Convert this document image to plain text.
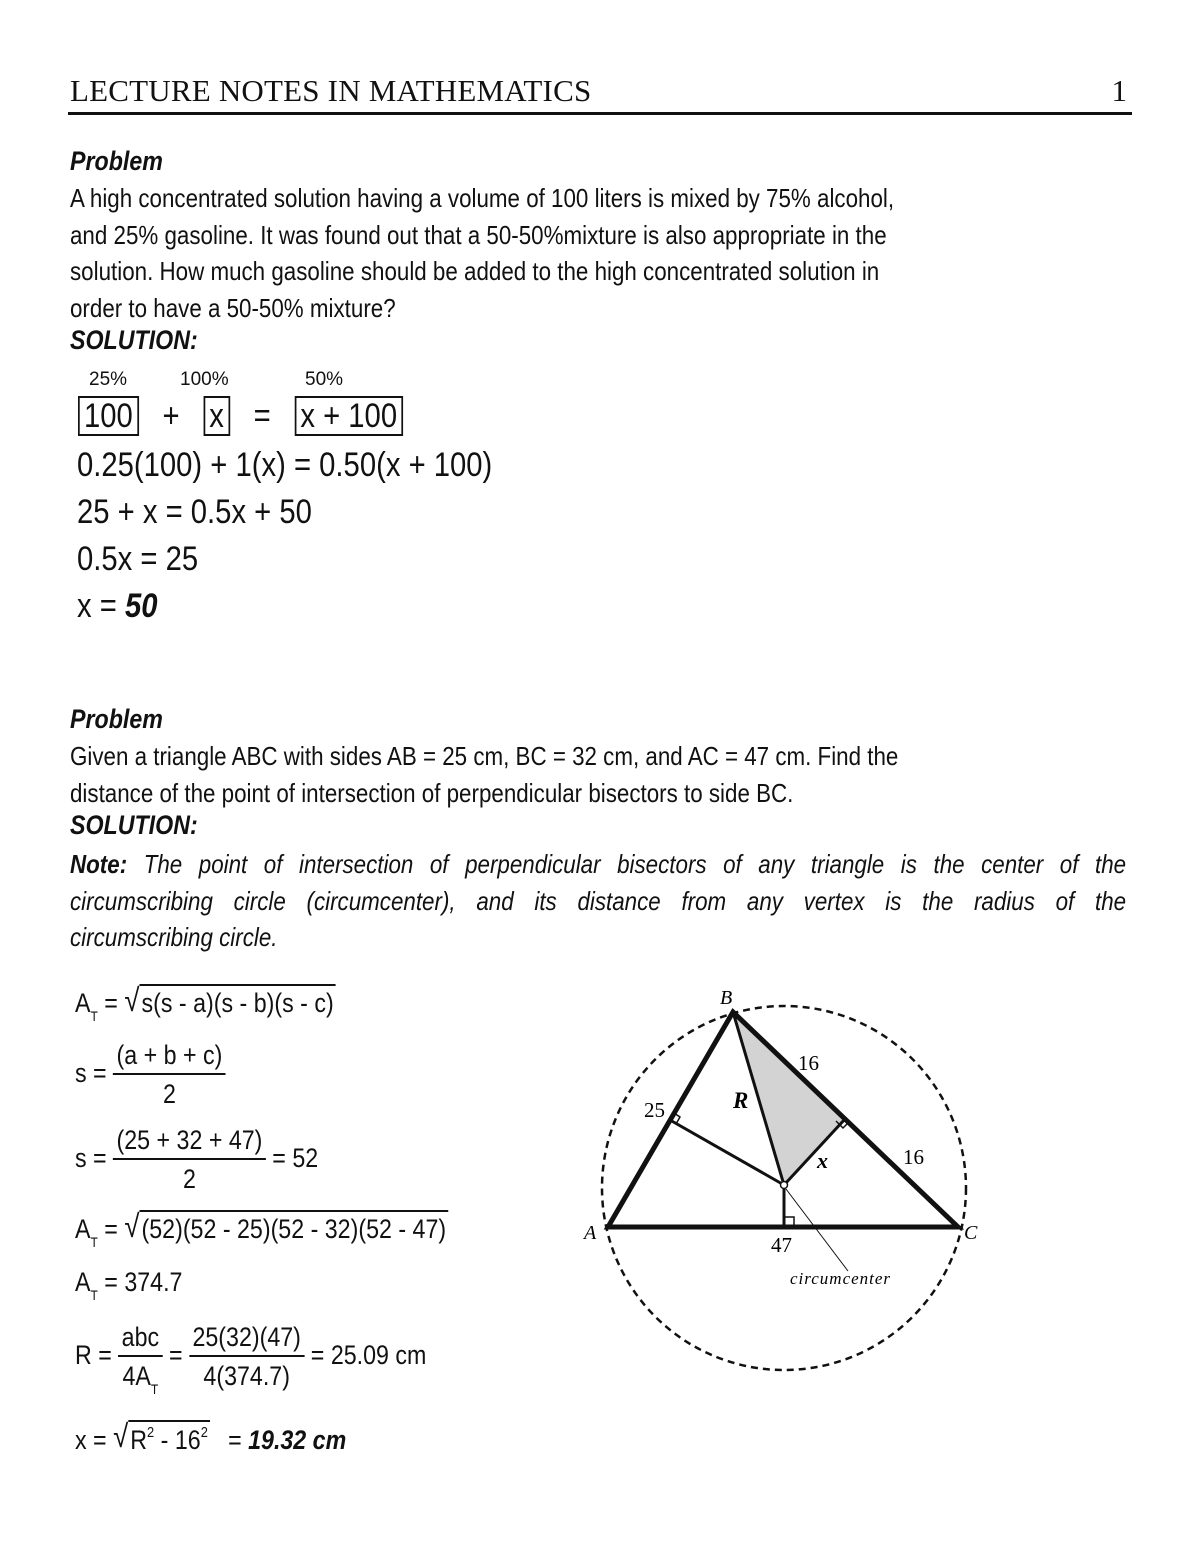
LECTURE NOTES IN MATHEMATICS	1
Problem
A high concentrated solution having a volume of 100 liters is mixed by 75% alcohol,
and 25% gasoline. It was found out that a 50-50%mixture is also appropriate in the
solution. How much gasoline should be added to the high concentrated solution in
order to have a 50-50% mixture?
SOLUTION:
25%	100%	50%
100 + x = x + 100
0.25(100) + 1(x) = 0.50(x + 100)
25 + x = 0.5x + 50
0.5x = 25
x = 50
Problem
Given a triangle ABC with sides AB = 25 cm, BC = 32 cm, and AC = 47 cm. Find the
distance of the point of intersection of perpendicular bisectors to side BC.
SOLUTION:
Note: The point of intersection of perpendicular bisectors of any triangle is the center of the
circumscribing circle (circumcenter), and its distance from any vertex is the radius of the
circumscribing circle.
$A_T$ = √ s(s - a)(s - b)(s - c)
$s = \frac{(a + b + c)}{2}$
$s = \frac{(25 + 32 + 47)}{2} = 52$
$A_T$ = √ (52)(52 - 25)(52 - 32)(52 - 47)
$A_T = 374.7$
$R = \frac{\text{abc}}{4A_T} = \frac{25(32)(47)}{4(374.7)} = 25.09$ cm
x = √ $R^2 - 16^2 = 19.32$ cm
B
A	C
25
16
16
47
R
x
circumcenter
